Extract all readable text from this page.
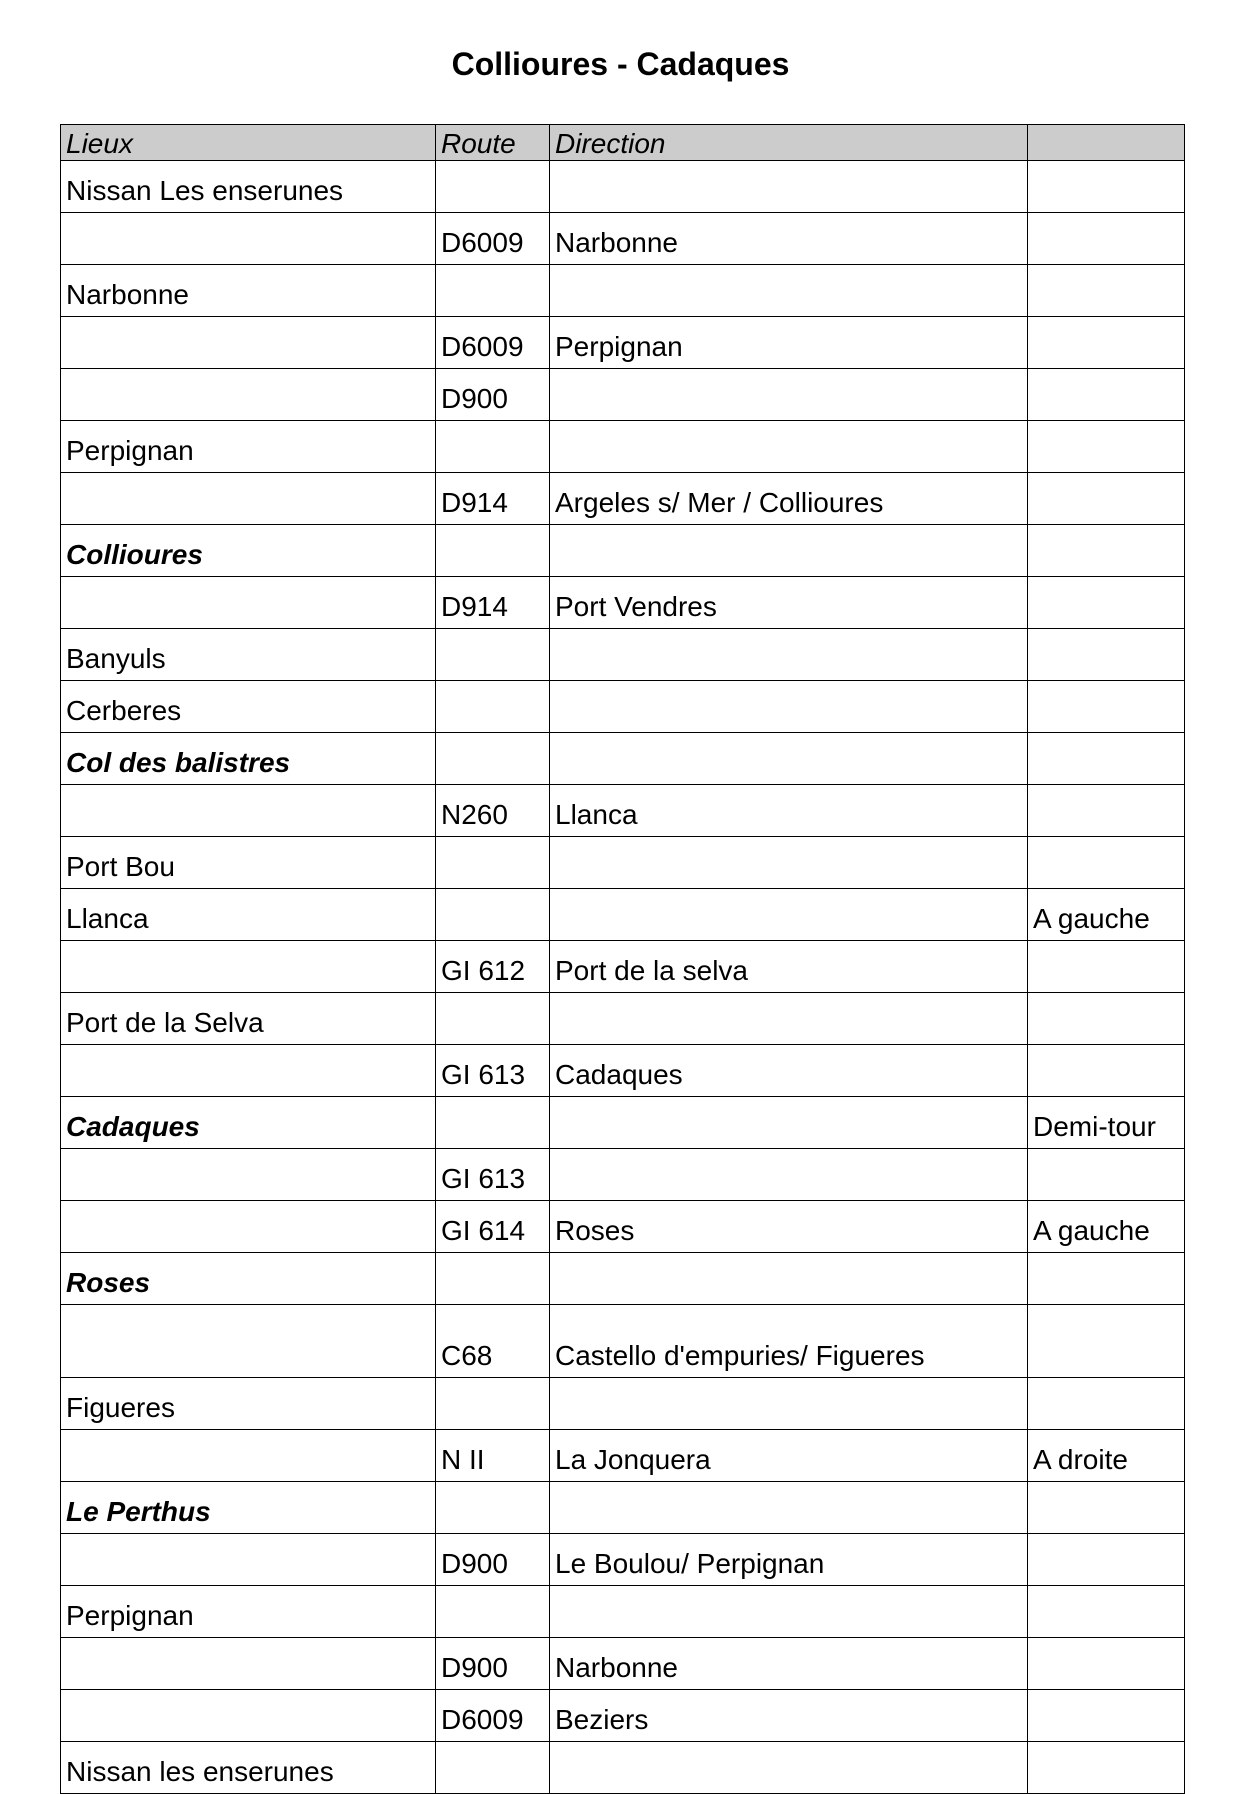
Collioures - Cadaques
Lieux	Route	Direction	
Nissan Les enserunes			
	D6009	Narbonne	
Narbonne			
	D6009	Perpignan	
	D900		
Perpignan			
	D914	Argeles s/ Mer / Collioures	
Collioures			
	D914	Port Vendres	
Banyuls			
Cerberes			
Col des balistres			
	N260	Llanca	
Port Bou			
Llanca			A gauche
	GI 612	Port de la selva	
Port de la Selva			
	GI 613	Cadaques	
Cadaques			Demi-tour
	GI 613		
	GI 614	Roses	A gauche
Roses			
	C68	Castello d'empuries/ Figueres	
Figueres			
	N II	La Jonquera	A droite
Le Perthus			
	D900	Le Boulou/ Perpignan	
Perpignan			
	D900	Narbonne	
	D6009	Beziers	
Nissan les enserunes			
